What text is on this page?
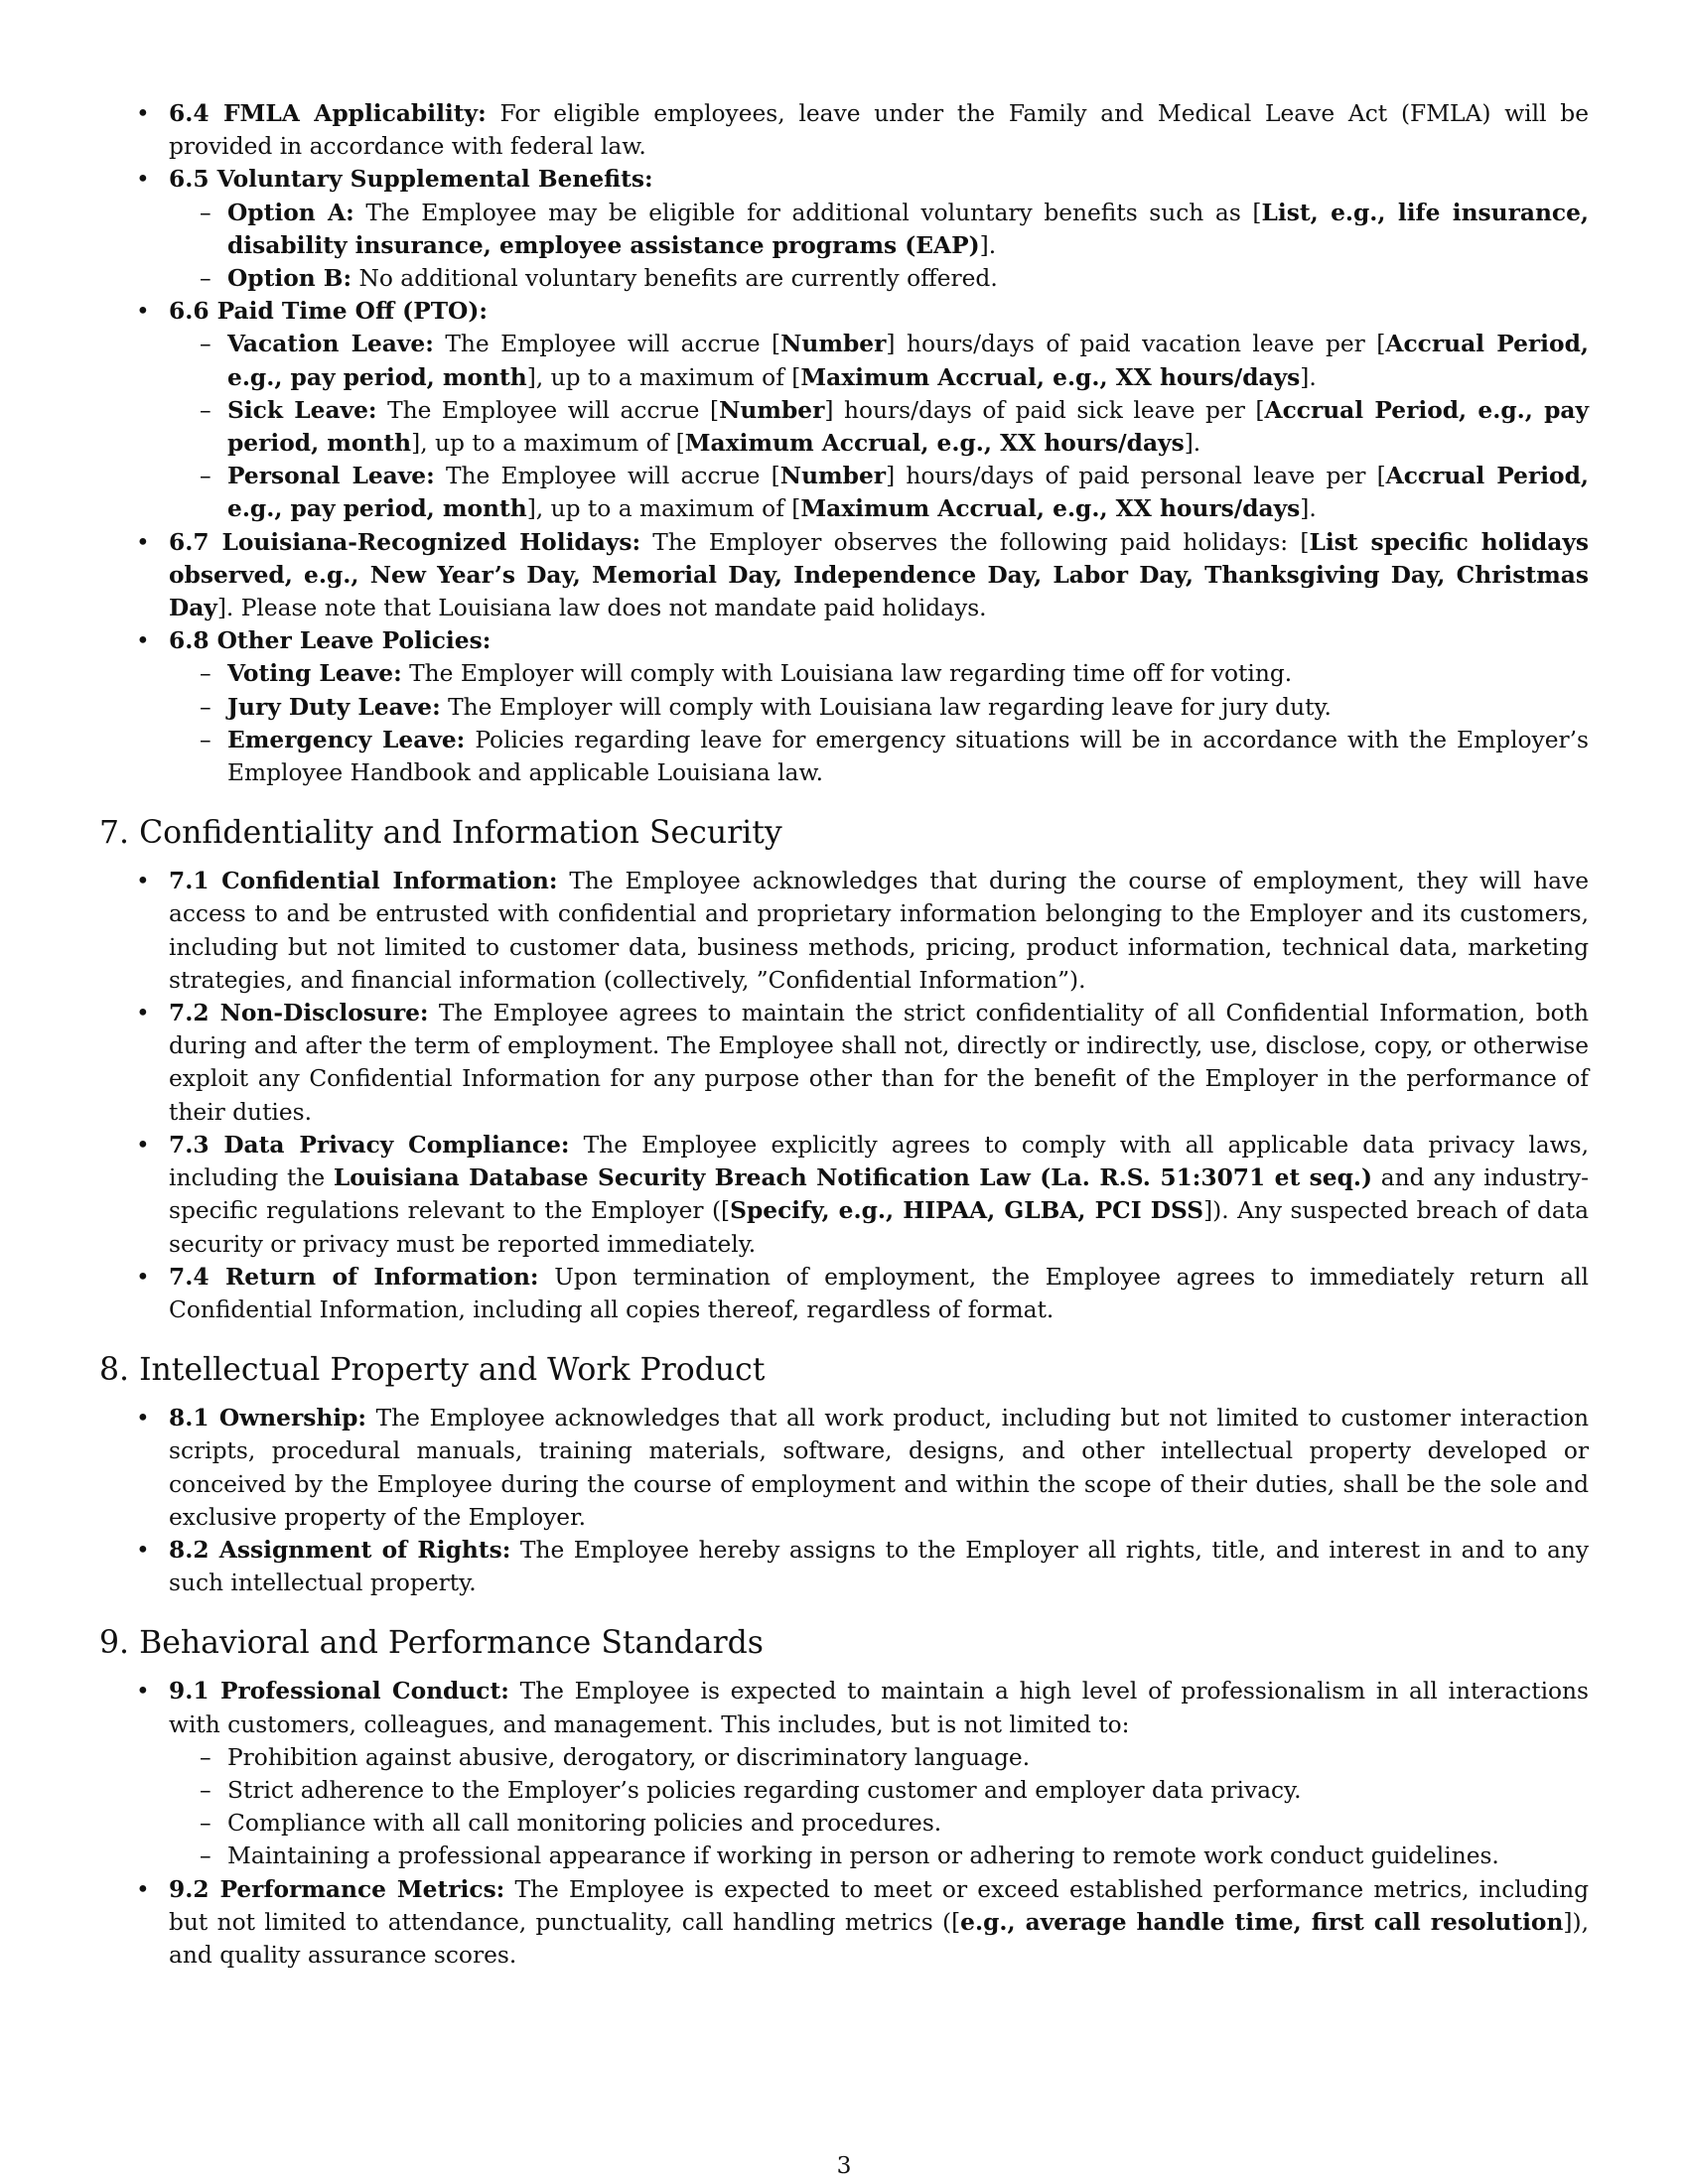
• 6.4 FMLA Applicability: For eligible employees, leave under the Family and Medical Leave Act (FMLA) will be provided in accordance with federal law.
• 6.5 Voluntary Supplemental Benefits:
– Option A: The Employee may be eligible for additional voluntary benefits such as [List, e.g., life insurance, disability insurance, employee assistance programs (EAP)].
– Option B: No additional voluntary benefits are currently offered.
• 6.6 Paid Time Off (PTO):
– Vacation Leave: The Employee will accrue [Number] hours/days of paid vacation leave per [Accrual Period, e.g., pay period, month], up to a maximum of [Maximum Accrual, e.g., XX hours/days].
– Sick Leave: The Employee will accrue [Number] hours/days of paid sick leave per [Accrual Period, e.g., pay period, month], up to a maximum of [Maximum Accrual, e.g., XX hours/days].
– Personal Leave: The Employee will accrue [Number] hours/days of paid personal leave per [Accrual Period, e.g., pay period, month], up to a maximum of [Maximum Accrual, e.g., XX hours/days].
• 6.7 Louisiana-Recognized Holidays: The Employer observes the following paid holidays: [List specific holidays observed, e.g., New Year’s Day, Memorial Day, Independence Day, Labor Day, Thanksgiving Day, Christmas Day]. Please note that Louisiana law does not mandate paid holidays.
• 6.8 Other Leave Policies:
– Voting Leave: The Employer will comply with Louisiana law regarding time off for voting.
– Jury Duty Leave: The Employer will comply with Louisiana law regarding leave for jury duty.
– Emergency Leave: Policies regarding leave for emergency situations will be in accordance with the Employer’s Employee Handbook and applicable Louisiana law.
7. Confidentiality and Information Security
• 7.1 Confidential Information: The Employee acknowledges that during the course of employment, they will have access to and be entrusted with confidential and proprietary information belonging to the Employer and its customers, including but not limited to customer data, business methods, pricing, product information, technical data, marketing strategies, and financial information (collectively, ”Confidential Information”).
• 7.2 Non-Disclosure: The Employee agrees to maintain the strict confidentiality of all Confidential Information, both during and after the term of employment. The Employee shall not, directly or indirectly, use, disclose, copy, or otherwise exploit any Confidential Information for any purpose other than for the benefit of the Employer in the performance of their duties.
• 7.3 Data Privacy Compliance: The Employee explicitly agrees to comply with all applicable data privacy laws, including the Louisiana Database Security Breach Notification Law (La. R.S. 51:3071 et seq.) and any industry-specific regulations relevant to the Employer ([Specify, e.g., HIPAA, GLBA, PCI DSS]). Any suspected breach of data security or privacy must be reported immediately.
• 7.4 Return of Information: Upon termination of employment, the Employee agrees to immediately return all Confidential Information, including all copies thereof, regardless of format.
8. Intellectual Property and Work Product
• 8.1 Ownership: The Employee acknowledges that all work product, including but not limited to customer interaction scripts, procedural manuals, training materials, software, designs, and other intellectual property developed or conceived by the Employee during the course of employment and within the scope of their duties, shall be the sole and exclusive property of the Employer.
• 8.2 Assignment of Rights: The Employee hereby assigns to the Employer all rights, title, and interest in and to any such intellectual property.
9. Behavioral and Performance Standards
• 9.1 Professional Conduct: The Employee is expected to maintain a high level of professionalism in all interactions with customers, colleagues, and management. This includes, but is not limited to:
– Prohibition against abusive, derogatory, or discriminatory language.
– Strict adherence to the Employer’s policies regarding customer and employer data privacy.
– Compliance with all call monitoring policies and procedures.
– Maintaining a professional appearance if working in person or adhering to remote work conduct guidelines.
• 9.2 Performance Metrics: The Employee is expected to meet or exceed established performance metrics, including but not limited to attendance, punctuality, call handling metrics ([e.g., average handle time, first call resolution]), and quality assurance scores.
3
